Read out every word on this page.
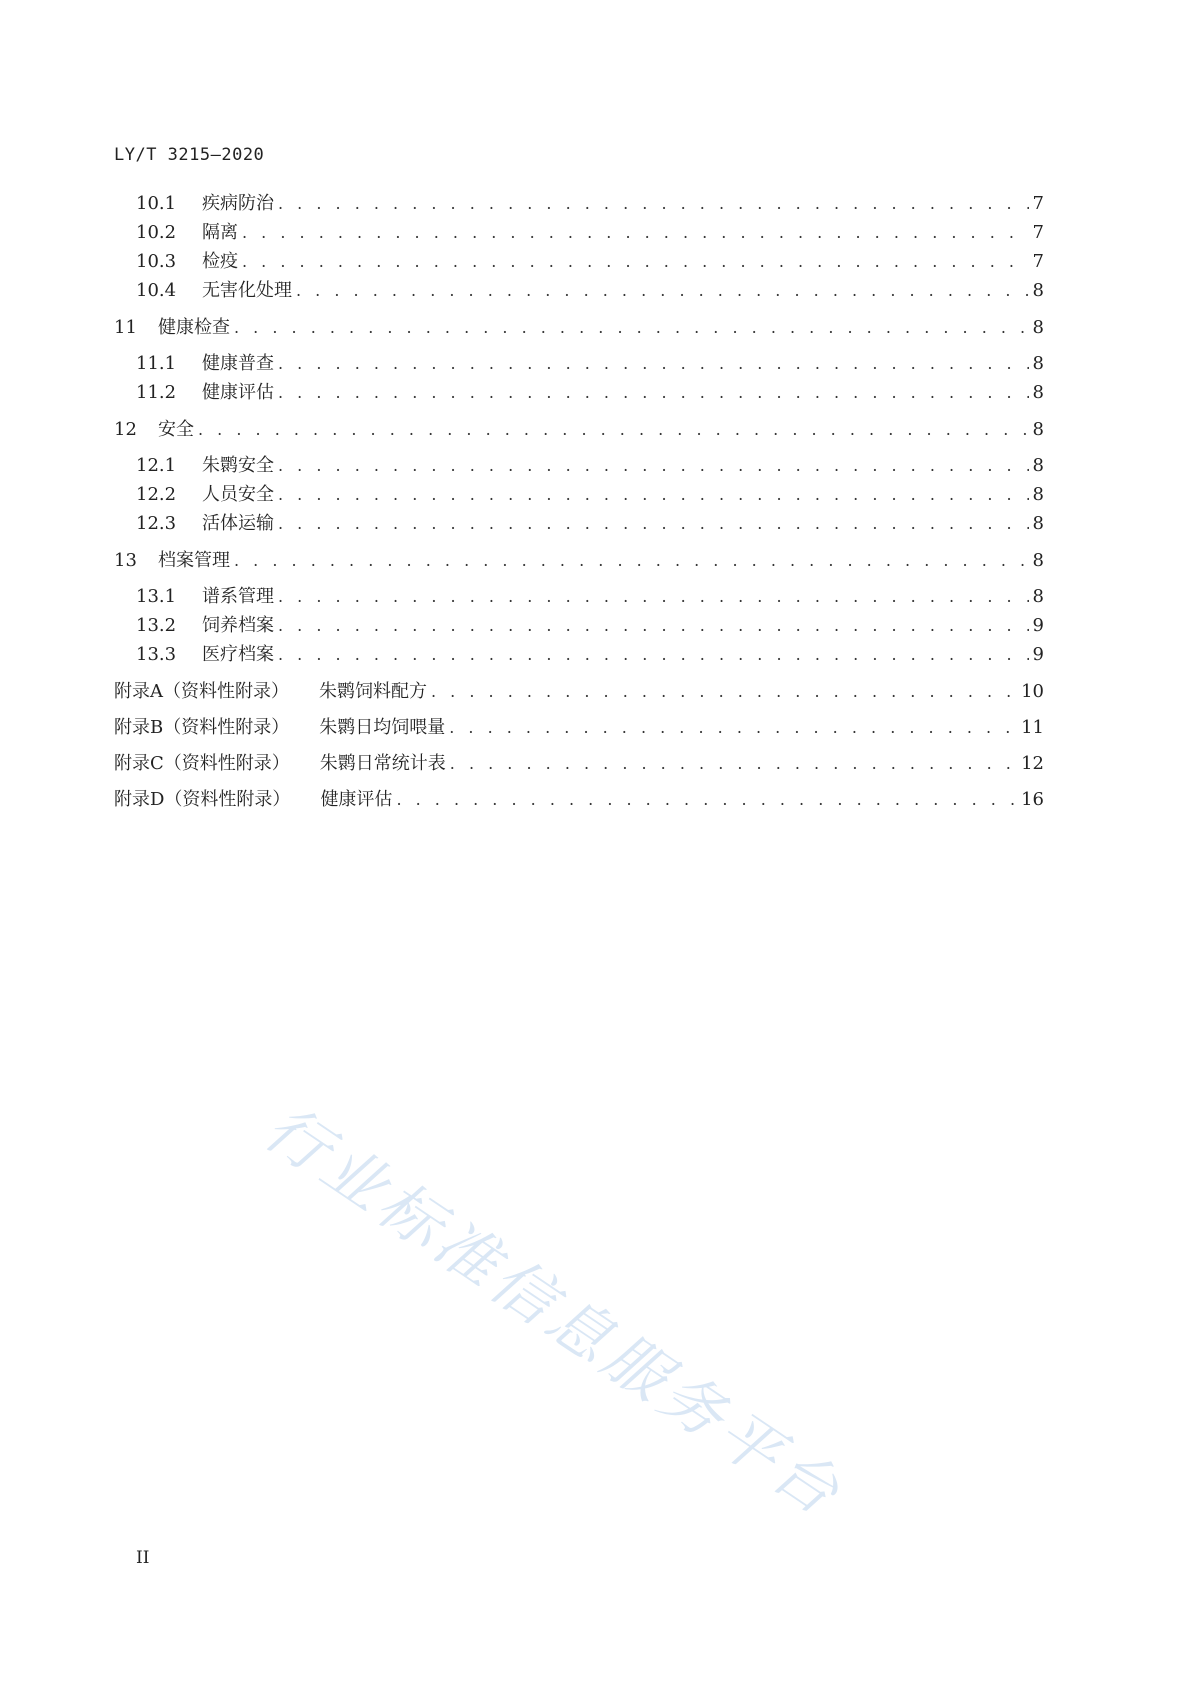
LY/T 3215—2020
10.1	疾病防治 . . .	7
10.2	隔离 . . .	7
10.3	检疫 . . .	7
10.4	无害化处理 . . .	8
11	健康检查 . . .	8
11.1	健康普查 . . .	8
11.2	健康评估 . . .	8
12	安全 . . .	8
12.1	朱鹮安全 . . .	8
12.2	人员安全 . . .	8
12.3	活体运输 . . .	8
13	档案管理 . . .	8
13.1	谱系管理 . . .	8
13.2	饲养档案 . . .	9
13.3	医疗档案 . . .	9
附录A（资料性附录） 朱鹮饲料配方 . . .	10
附录B（资料性附录） 朱鹮日均饲喂量 . . .	11
附录C（资料性附录） 朱鹮日常统计表 . . .	12
附录D（资料性附录） 健康评估 . . .	16
行业标准信息服务平台
II
